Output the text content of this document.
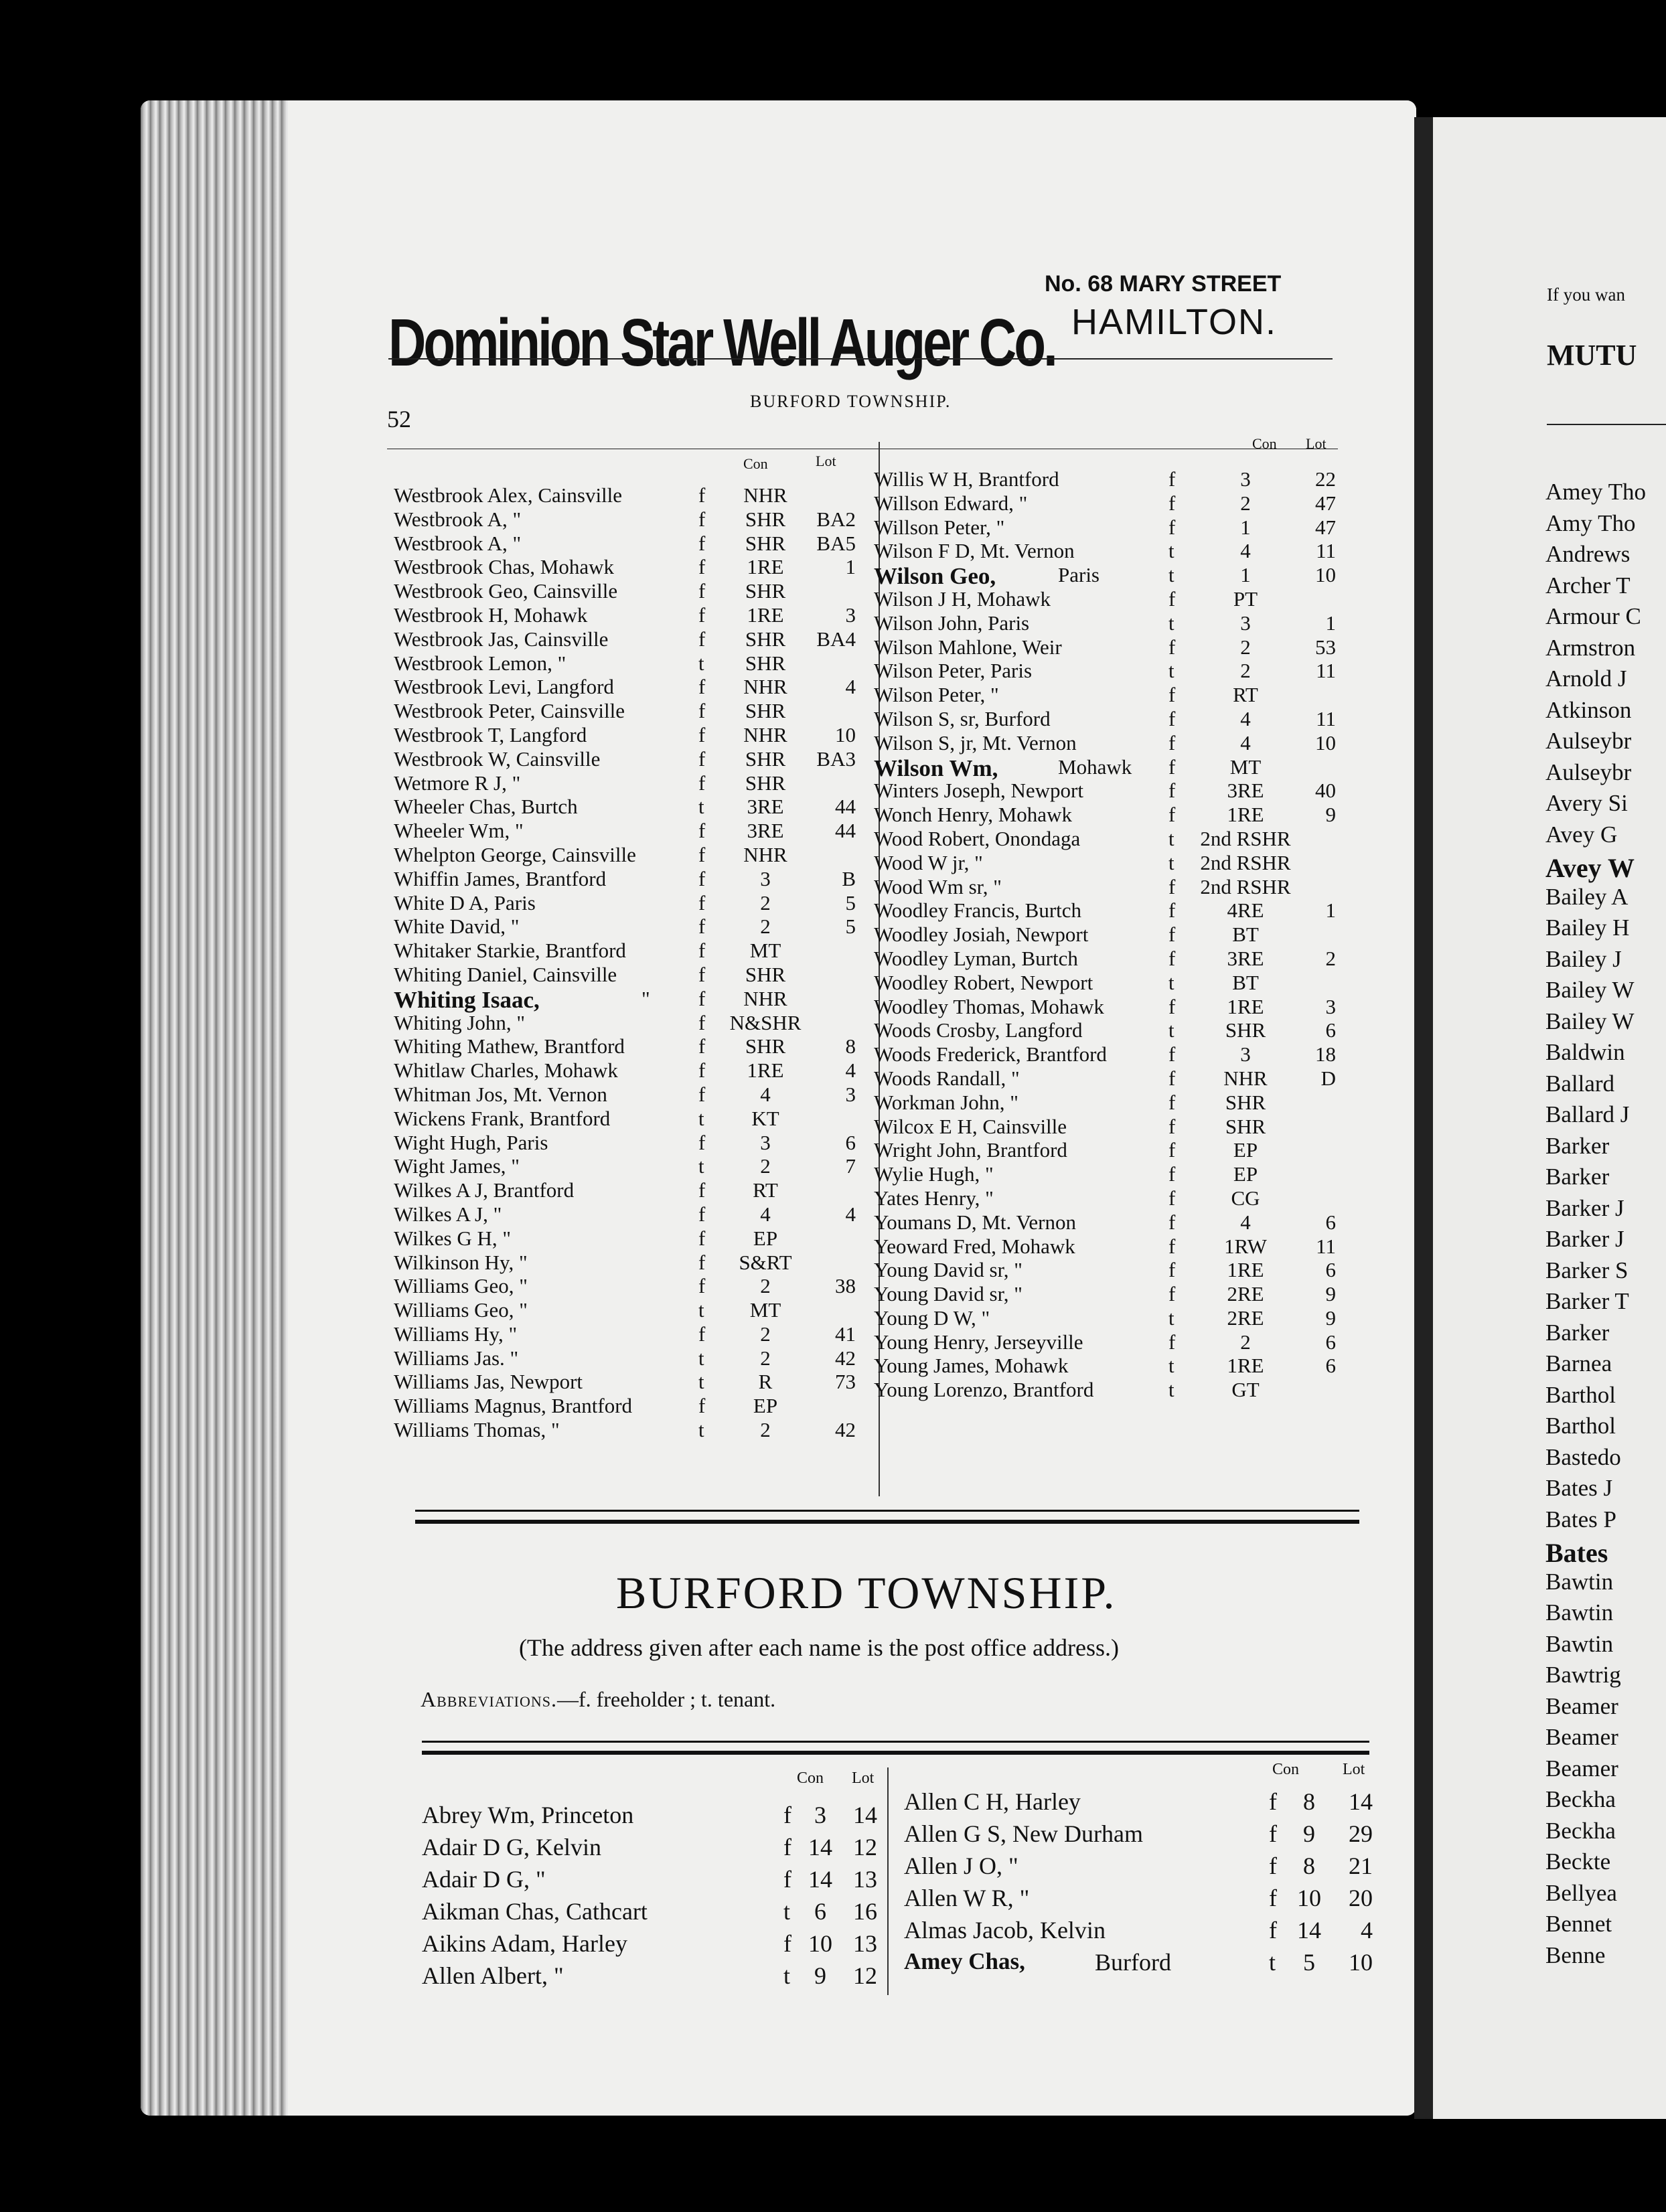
If you wan
MUTU
Amey Tho
Amy Tho
Andrews
Archer T
Armour C
Armstron
Arnold J
Atkinson
Aulseybr
Aulseybr
Avery Si
Avey G
Avey W
Bailey A
Bailey H
Bailey J
Bailey W
Bailey W
Baldwin
Ballard
Ballard J
Barker
Barker
Barker J
Barker J
Barker S
Barker T
Barker
Barnea
Barthol
Barthol
Bastedo
Bates J
Bates P
Bates
Bawtin
Bawtin
Bawtin
Bawtrig
Beamer
Beamer
Beamer
Beckha
Beckha
Beckte
Bellyea
Bennet
Benne
Dominion Star Well Auger Co.
No. 68 MARY STREET
HAMILTON.
52
BURFORD TOWNSHIP.
Con	Lot
Con Lot
Westbrook Alex, Cainsville	f	NHR
Westbrook A, "	f	SHR	BA2
Westbrook A, "	f	SHR	BA5
Westbrook Chas, Mohawk	f	1RE	1
Westbrook Geo, Cainsville	f	SHR
Westbrook H, Mohawk	f	1RE	3
Westbrook Jas, Cainsville	f	SHR	BA4
Westbrook Lemon, "	t	SHR
Westbrook Levi, Langford	f	NHR	4
Westbrook Peter, Cainsville	f	SHR
Westbrook T, Langford	f	NHR	10
Westbrook W, Cainsville	f	SHR	BA3
Wetmore R J, "	f	SHR
Wheeler Chas, Burtch	t	3RE	44
Wheeler Wm, "	f	3RE	44
Whelpton George, Cainsville	f	NHR
Whiffin James, Brantford	f	3	B
White D A, Paris	f	2	5
White David, "	f	2	5
Whitaker Starkie, Brantford	f	MT
Whiting Daniel, Cainsville	f	SHR
Whiting Isaac,	" f	NHR
Whiting John, "	f	N&SHR
Whiting Mathew, Brantford	f	SHR	8
Whitlaw Charles, Mohawk	f	1RE	4
Whitman Jos, Mt. Vernon	f	4	3
Wickens Frank, Brantford	t	KT
Wight Hugh, Paris	f	3	6
Wight James, "	t	2	7
Wilkes A J, Brantford	f	RT
Wilkes A J, "	f	4	4
Wilkes G H, "	f	EP
Wilkinson Hy, "	f	S&RT
Williams Geo, "	f	2	38
Williams Geo, "	t	MT
Williams Hy, "	f	2	41
Williams Jas. "	t	2	42
Williams Jas, Newport	t	R	73
Williams Magnus, Brantford	f	EP
Williams Thomas, "	t	2	42
Willis W H, Brantford	f	3	22
Willson Edward, "	f	2	47
Willson Peter, "	f	1	47
Wilson F D, Mt. Vernon	t	4	11
Wilson Geo,	Paris	t	1	10
Wilson J H, Mohawk	f	PT
Wilson John, Paris	t	3	1
Wilson Mahlone, Weir	f	2	53
Wilson Peter, Paris	t	2	11
Wilson Peter, "	f	RT
Wilson S, sr, Burford	f	4	11
Wilson S, jr, Mt. Vernon	f	4	10
Wilson Wm,	Mohawk f	MT
Winters Joseph, Newport	f	3RE	40
Wonch Henry, Mohawk	f	1RE	9
Wood Robert, Onondaga	t	2nd RSHR
Wood W jr, "	t	2nd RSHR
Wood Wm sr, "	f	2nd RSHR
Woodley Francis, Burtch	f	4RE	1
Woodley Josiah, Newport	f	BT
Woodley Lyman, Burtch	f	3RE	2
Woodley Robert, Newport	t	BT
Woodley Thomas, Mohawk	f	1RE	3
Woods Crosby, Langford	t	SHR	6
Woods Frederick, Brantford	f	3	18
Woods Randall, "	f	NHR	D
Workman John, "	f	SHR
Wilcox E H, Cainsville	f	SHR
Wright John, Brantford	f	EP
Wylie Hugh, "	f	EP
Yates Henry, "	f	CG
Youmans D, Mt. Vernon	f	4	6
Yeoward Fred, Mohawk	f	1RW	11
Young David sr, "	f	1RE	6
Young David sr, "	f	2RE	9
Young D W, "	t	2RE	9
Young Henry, Jerseyville	f	2	6
Young James, Mohawk	t	1RE	6
Young Lorenzo, Brantford	t	GT
BURFORD TOWNSHIP.
(The address given after each name is the post office address.)
Abbreviations.—f. freeholder ; t. tenant.
Con Lot	Con	Lot
Abrey Wm, Princeton	f 3	14
Adair D G, Kelvin	f 14 12
Adair D G, "	f 14 13
Aikman Chas, Cathcart	t 6	16
Aikins Adam, Harley	f 10 13
Allen Albert, "	t 9	12
Allen C H, Harley	f	8	14
Allen G S, New Durham	f	9	29
Allen J O, "	f	8	21
Allen W R, "	f 10	20
Almas Jacob, Kelvin	f 14	4
Amey Chas,	Burford	t	5	10
